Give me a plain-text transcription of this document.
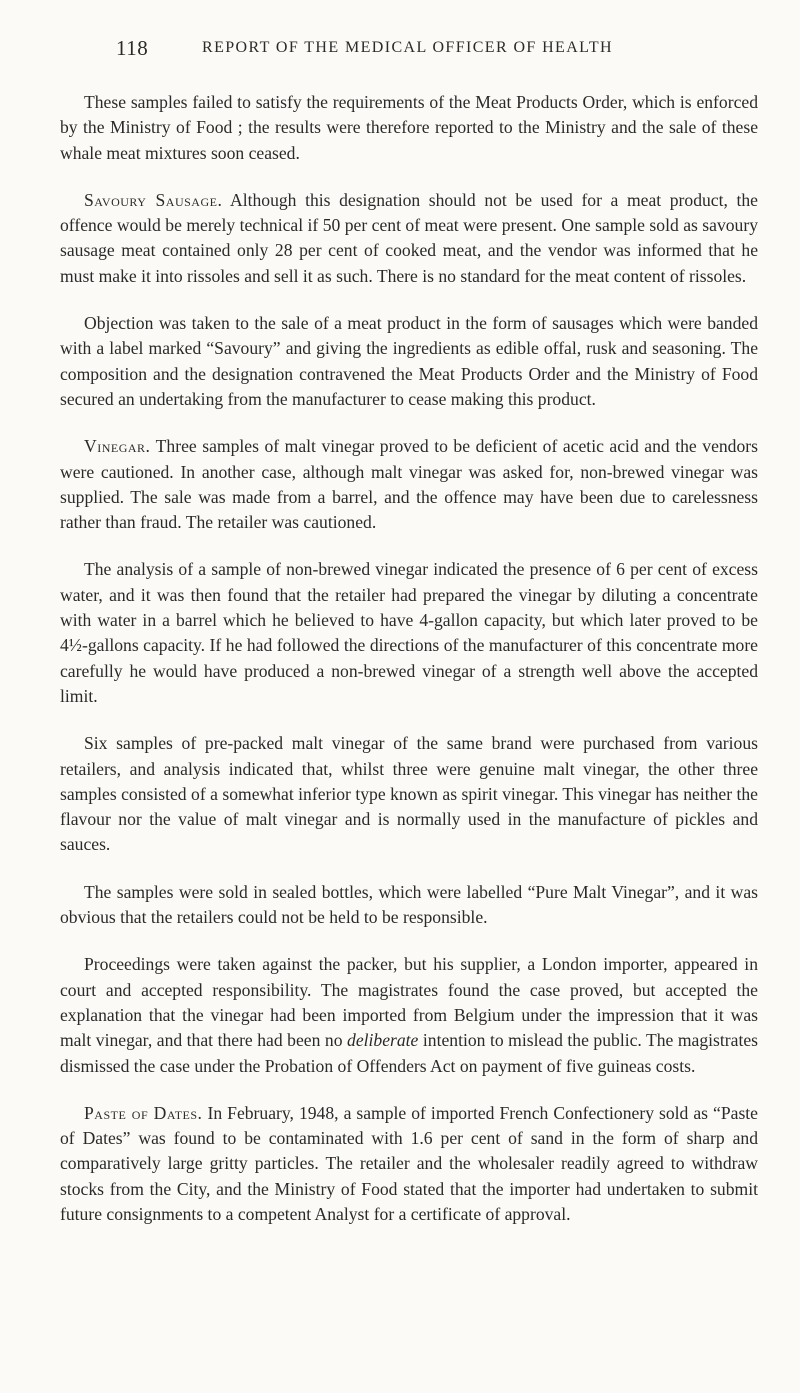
118	REPORT OF THE MEDICAL OFFICER OF HEALTH

These samples failed to satisfy the requirements of the Meat Products Order, which is enforced by the Ministry of Food ; the results were therefore reported to the Ministry and the sale of these whale meat mixtures soon ceased.

Savoury Sausage. Although this designation should not be used for a meat product, the offence would be merely technical if 50 per cent of meat were present. One sample sold as savoury sausage meat contained only 28 per cent of cooked meat, and the vendor was informed that he must make it into rissoles and sell it as such. There is no standard for the meat content of rissoles.

Objection was taken to the sale of a meat product in the form of sausages which were banded with a label marked “Savoury” and giving the ingredients as edible offal, rusk and seasoning. The composition and the designation contravened the Meat Products Order and the Ministry of Food secured an undertaking from the manufacturer to cease making this product.

Vinegar. Three samples of malt vinegar proved to be deficient of acetic acid and the vendors were cautioned. In another case, although malt vinegar was asked for, non-brewed vinegar was supplied. The sale was made from a barrel, and the offence may have been due to carelessness rather than fraud. The retailer was cautioned.

The analysis of a sample of non-brewed vinegar indicated the presence of 6 per cent of excess water, and it was then found that the retailer had prepared the vinegar by diluting a concentrate with water in a barrel which he believed to have 4-gallon capacity, but which later proved to be 4½-gallons capacity. If he had followed the directions of the manufacturer of this concentrate more carefully he would have produced a non-brewed vinegar of a strength well above the accepted limit.

Six samples of pre-packed malt vinegar of the same brand were purchased from various retailers, and analysis indicated that, whilst three were genuine malt vinegar, the other three samples consisted of a somewhat inferior type known as spirit vinegar. This vinegar has neither the flavour nor the value of malt vinegar and is normally used in the manufacture of pickles and sauces.

The samples were sold in sealed bottles, which were labelled “Pure Malt Vinegar”, and it was obvious that the retailers could not be held to be responsible.

Proceedings were taken against the packer, but his supplier, a London importer, appeared in court and accepted responsibility. The magistrates found the case proved, but accepted the explanation that the vinegar had been imported from Belgium under the impression that it was malt vinegar, and that there had been no deliberate intention to mislead the public. The magistrates dismissed the case under the Probation of Offenders Act on payment of five guineas costs.

Paste of Dates. In February, 1948, a sample of imported French Confectionery sold as “Paste of Dates” was found to be contaminated with 1.6 per cent of sand in the form of sharp and comparatively large gritty particles. The retailer and the wholesaler readily agreed to withdraw stocks from the City, and the Ministry of Food stated that the importer had undertaken to submit future consignments to a competent Analyst for a certificate of approval.
